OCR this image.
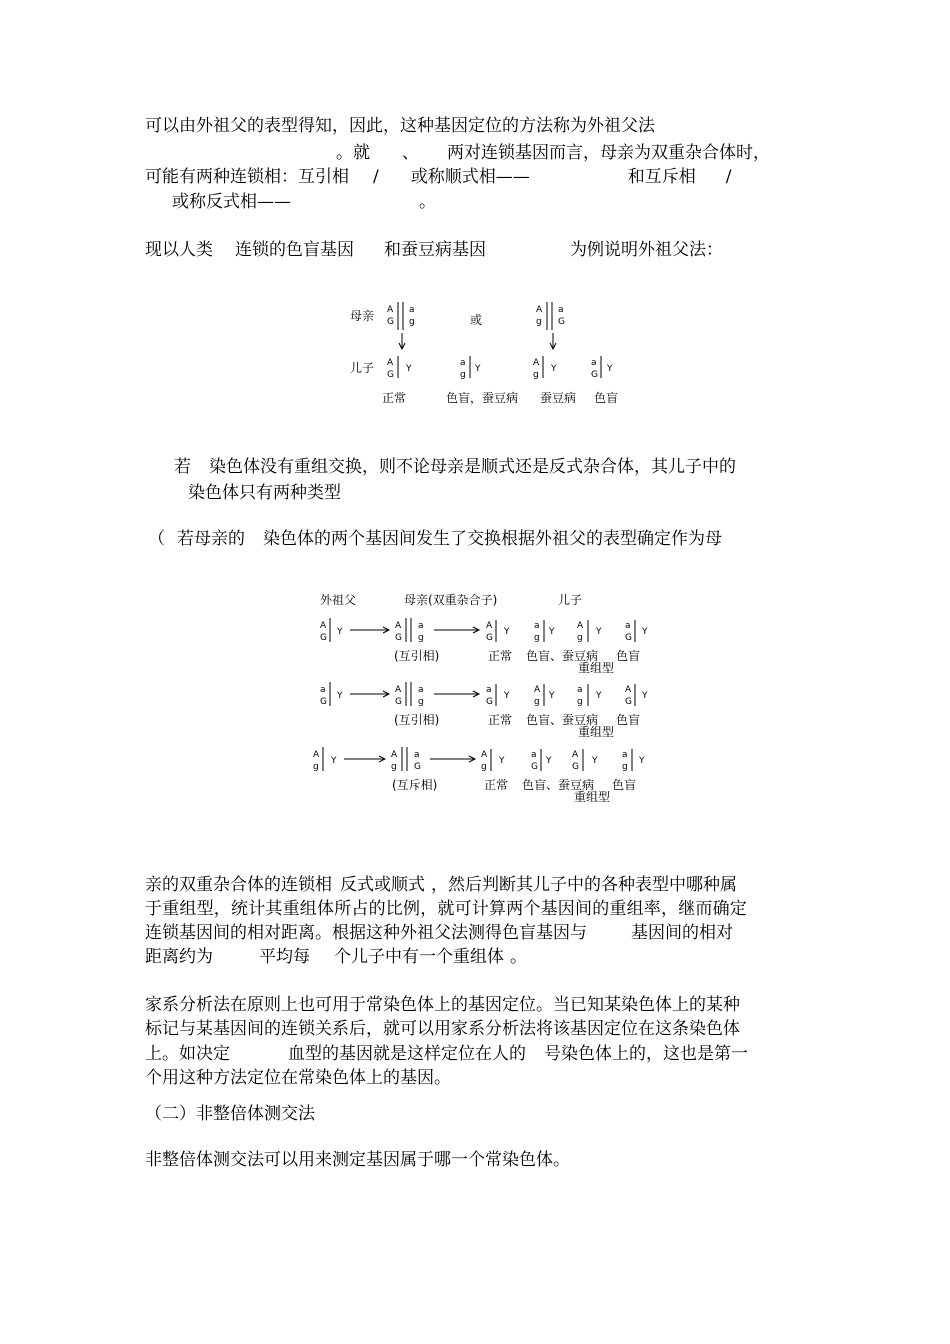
可以由外祖父的表型得知，因此，这种基因定位的方法称为外祖父法
。就 、 两对连锁基因而言，母亲为双重杂合体时，
可能有两种连锁相：互引相 / 或称顺式相——	和互斥相 /
或称反式相——	。
现以人类 连锁的色盲基因 和蚕豆病基因	为例说明外祖父法：
母亲 A
G
a
g	或
A
g
a
G
儿子 A
G
Y
a
g
Y
A
g
Y
a
G
Y
正常	色盲，蚕豆病 蚕豆病 色盲
若 染色体没有重组交换，则不论母亲是顺式还是反式杂合体，其儿子中的
染色体只有两种类型
（ 若母亲的 染色体的两个基因间发生了交换根据外祖父的表型确定作为母
外祖父	母亲(双重杂合子)	儿子
A
G
Y
A
G
a
g
A
G
Y
a
g
Y
A
g
Y
a
G
Y
(互引相)	正常 色盲、蚕豆病 色盲
重组型
a
G
Y
A
G
a
g
a
G
Y
A
g
Y
a
g
Y
A
G
Y
(互引相)	正常 色盲、蚕豆病 色盲
重组型
A
g
Y
A
g
a
G
A
g
Y
a
G
Y
A
G
Y
a
g
Y
(互斥相)	正常 色盲、蚕豆病 色盲
重组型
亲的双重杂合体的连锁相 反式或顺式 ，然后判断其儿子中的各种表型中哪种属
于重组型，统计其重组体所占的比例，就可计算两个基因间的重组率，继而确定
连锁基因间的相对距离。根据这种外祖父法测得色盲基因与	基因间的相对
距离约为	平均每 个儿子中有一个重组体 。
家系分析法在原则上也可用于常染色体上的基因定位。当已知某染色体上的某种
标记与某基因间的连锁关系后，就可以用家系分析法将该基因定位在这条染色体
上。如决定	血型的基因就是这样定位在人的 号染色体上的，这也是第一
个用这种方法定位在常染色体上的基因。
（二）非整倍体测交法
非整倍体测交法可以用来测定基因属于哪一个常染色体。
